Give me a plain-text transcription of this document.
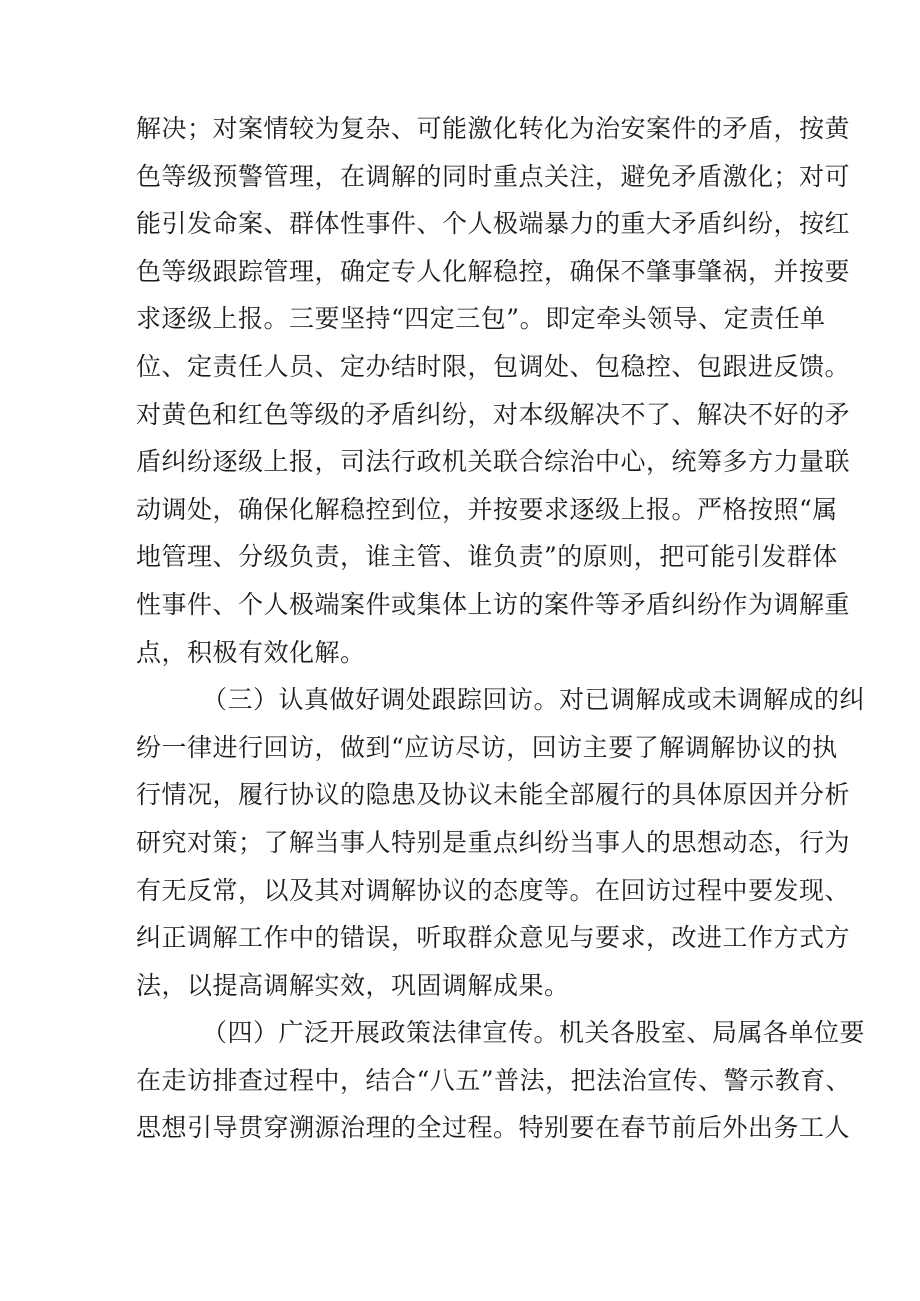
解决；对案情较为复杂、可能激化转化为治安案件的矛盾，按黄
色等级预警管理，在调解的同时重点关注，避免矛盾激化；对可
能引发命案、群体性事件、个人极端暴力的重大矛盾纠纷，按红
色等级跟踪管理，确定专人化解稳控，确保不肇事肇祸，并按要
求逐级上报。三要坚持“四定三包”。即定牵头领导、定责任单
位、定责任人员、定办结时限，包调处、包稳控、包跟进反馈。
对黄色和红色等级的矛盾纠纷，对本级解决不了、解决不好的矛
盾纠纷逐级上报，司法行政机关联合综治中心，统筹多方力量联
动调处，确保化解稳控到位，并按要求逐级上报。严格按照“属
地管理、分级负责，谁主管、谁负责”的原则，把可能引发群体
性事件、个人极端案件或集体上访的案件等矛盾纠纷作为调解重
点，积极有效化解。
（三）认真做好调处跟踪回访。对已调解成或未调解成的纠
纷一律进行回访，做到“应访尽访，回访主要了解调解协议的执
行情况，履行协议的隐患及协议未能全部履行的具体原因并分析
研究对策；了解当事人特别是重点纠纷当事人的思想动态，行为
有无反常，以及其对调解协议的态度等。在回访过程中要发现、
纠正调解工作中的错误，听取群众意见与要求，改进工作方式方
法，以提高调解实效，巩固调解成果。
（四）广泛开展政策法律宣传。机关各股室、局属各单位要
在走访排查过程中，结合“八五”普法，把法治宣传、警示教育、
思想引导贯穿溯源治理的全过程。特别要在春节前后外出务工人
